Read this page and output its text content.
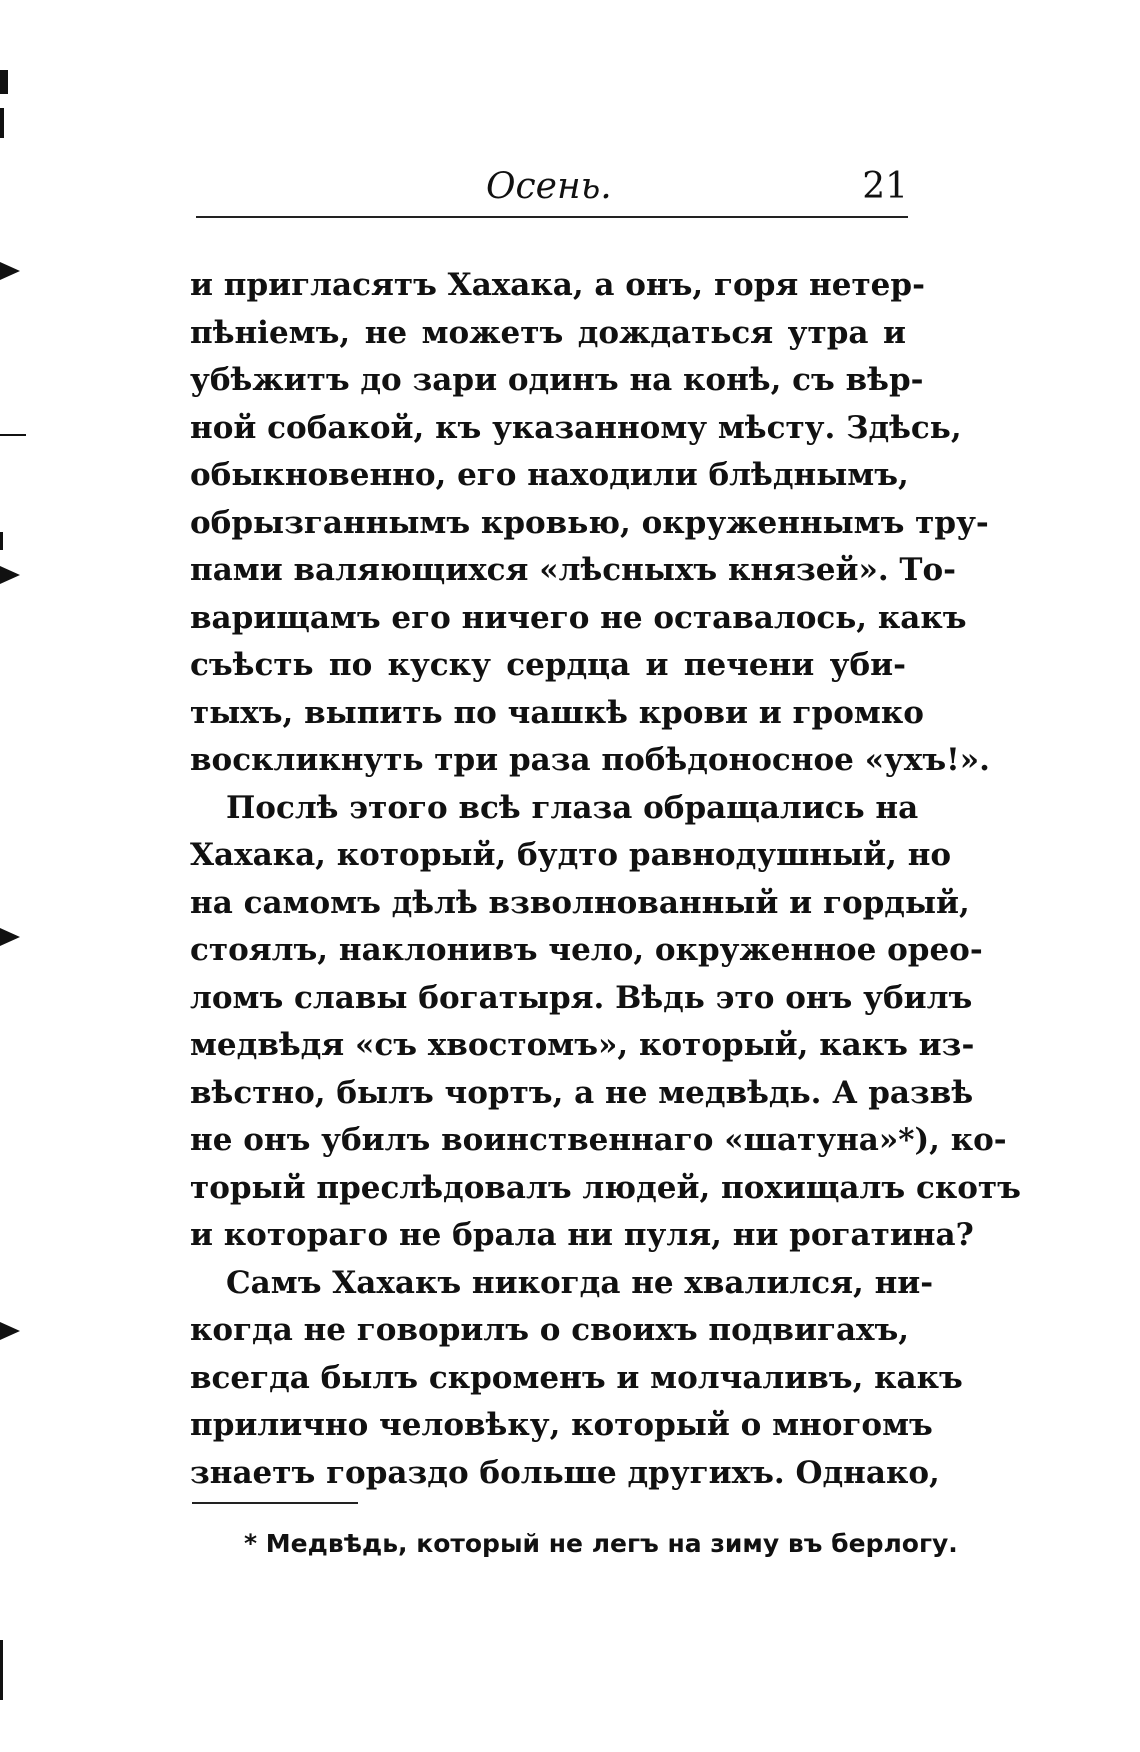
Осень.	21
и пригласятъ Хахака, а онъ, горя нетер-
пѣніемъ, не можетъ дождаться утра и
убѣжитъ до зари одинъ на конѣ, съ вѣр-
ной собакой, къ указанному мѣсту. Здѣсь,
обыкновенно, его находили блѣднымъ,
обрызганнымъ кровью, окруженнымъ тру-
пами валяющихся «лѣсныхъ князей». То-
варищамъ его ничего не оставалось, какъ
съѣсть по куску сердца и печени уби-
тыхъ, выпить по чашкѣ крови и громко
воскликнуть три раза побѣдоносное «ухъ!».
Послѣ этого всѣ глаза обращались на
Хахака, который, будто равнодушный, но
на самомъ дѣлѣ взволнованный и гордый,
стоялъ, наклонивъ чело, окруженное орео-
ломъ славы богатыря. Вѣдь это онъ убилъ
медвѣдя «съ хвостомъ», который, какъ из-
вѣстно, былъ чортъ, а не медвѣдь. А развѣ
не онъ убилъ воинственнаго «шатуна»*), ко-
торый преслѣдовалъ людей, похищалъ скотъ
и котораго не брала ни пуля, ни рогатина?
Самъ Хахакъ никогда не хвалился, ни-
когда не говорилъ о своихъ подвигахъ,
всегда былъ скроменъ и молчаливъ, какъ
прилично человѣку, который о многомъ
знаетъ гораздо больше другихъ. Однако,
* Медвѣдь, который не легъ на зиму въ берлогу.
